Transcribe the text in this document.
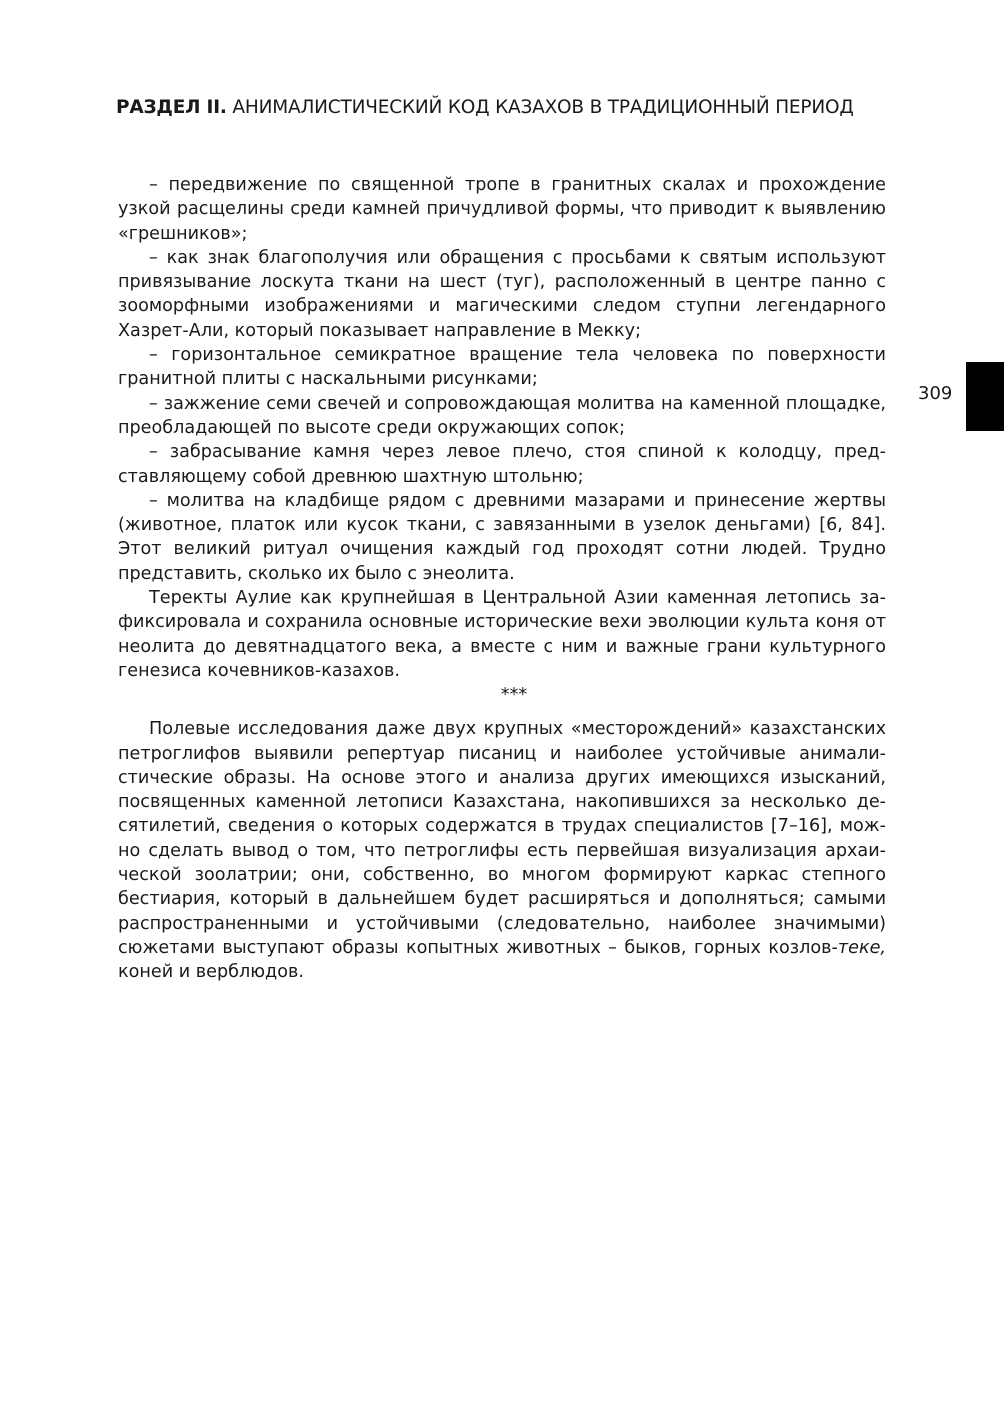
РАЗДЕЛ II. АНИМАЛИСТИЧЕСКИЙ КОД КАЗАХОВ В ТРАДИЦИОННЫЙ ПЕРИОД
309

– передвижение по священной тропе в гранитных скалах и прохождение узкой расщелины среди камней причудливой формы, что приводит к выявлению «грешников»;

– как знак благополучия или обращения с просьбами к святым используют привязывание лоскута ткани на шест (туг), расположенный в центре панно с зооморфными изображениями и магическими следом ступни легендарного Хазрет-Али, который показывает направление в Мекку;

– горизонтальное семикратное вращение тела человека по поверхности гранитной плиты с наскальными рисунками;

– зажжение семи свечей и сопровождающая молитва на каменной площадке, преобладающей по высоте среди окружающих сопок;

– забрасывание камня через левое плечо, стоя спиной к колодцу, представляющему собой древнюю шахтную штольню;

– молитва на кладбище рядом с древними мазарами и принесение жертвы (животное, платок или кусок ткани, с завязанными в узелок деньгами) [6, 84]. Этот великий ритуал очищения каждый год проходят сотни людей. Трудно представить, сколько их было с энеолита.

Теректы Аулие как крупнейшая в Центральной Азии каменная летопись зафиксировала и сохранила основные исторические вехи эволюции культа коня от неолита до девятнадцатого века, а вместе с ним и важные грани культурного генезиса кочевников-казахов.

***

Полевые исследования даже двух крупных «месторождений» казахстанских петроглифов выявили репертуар писаниц и наиболее устойчивые анималистические образы. На основе этого и анализа других имеющихся изысканий, посвященных каменной летописи Казахстана, накопившихся за несколько десятилетий, сведения о которых содержатся в трудах специалистов [7–16], можно сделать вывод о том, что петроглифы есть первейшая визуализация архаической зоолатрии; они, собственно, во многом формируют каркас степного бестиария, который в дальнейшем будет расширяться и дополняться; самыми распространенными и устойчивыми (следовательно, наиболее значимыми) сюжетами выступают образы копытных животных – быков, горных козлов-теке, коней и верблюдов.
